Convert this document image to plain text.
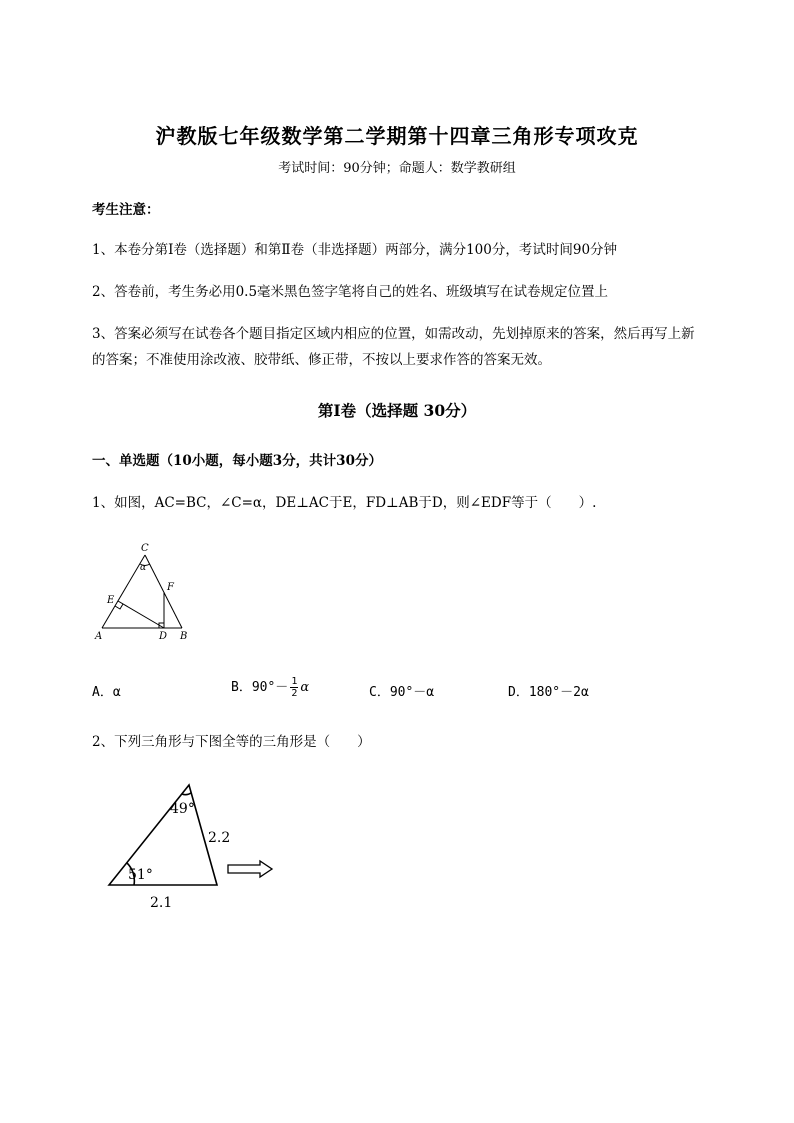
沪教版七年级数学第二学期第十四章三角形专项攻克
考试时间：90分钟；命题人：数学教研组
考生注意：
1、本卷分第Ⅰ卷（选择题）和第Ⅱ卷（非选择题）两部分，满分100分，考试时间90分钟
2、答卷前，考生务必用0.5毫米黑色签字笔将自己的姓名、班级填写在试卷规定位置上
3、答案必须写在试卷各个题目指定区域内相应的位置，如需改动，先划掉原来的答案，然后再写上新
的答案；不准使用涂改液、胶带纸、修正带，不按以上要求作答的答案无效。
第Ⅰ卷（选择题 30分）
一、单选题（10小题，每小题3分，共计30分）
1、如图，AC=BC，∠C=α，DE⊥AC于E，FD⊥AB于D，则∠EDF等于（　　）.
C
α
F
E
A	D B
A．α	B．$90^\circ- \frac{1}{2}$ α	C．90°－α	D．180°－2α
2、下列三角形与下图全等的三角形是（　　）
49°
51°
2.2
2.1
